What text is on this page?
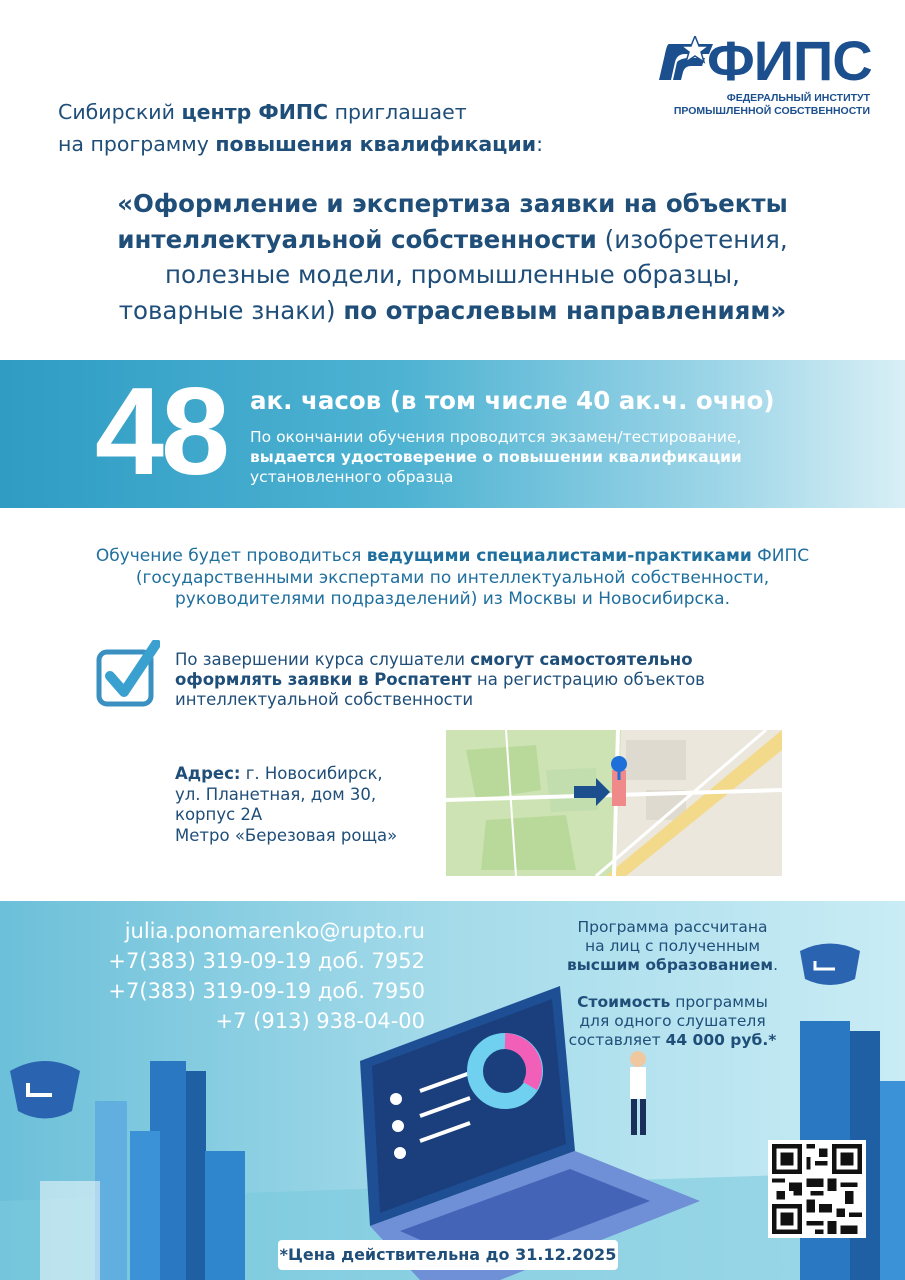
ФИПС
ФЕДЕРАЛЬНЫЙ ИНСТИТУТ
ПРОМЫШЛЕННОЙ СОБСТВЕННОСТИ
Сибирский центр ФИПС приглашает
на программу повышения квалификации:
«Оформление и экспертиза заявки на объекты
интеллектуальной собственности (изобретения,
полезные модели, промышленные образцы,
товарные знаки) по отраслевым направлениям»
48 ак. часов (в том числе 40 ак.ч. очно)
По окончании обучения проводится экзамен/тестирование,
выдается удостоверение о повышении квалификации
установленного образца
Обучение будет проводиться ведущими специалистами-практиками ФИПС
(государственными экспертами по интеллектуальной собственности,
руководителями подразделений) из Москвы и Новосибирска.
По завершении курса слушатели смогут самостоятельно
оформлять заявки в Роспатент на регистрацию объектов
интеллектуальной собственности
Адрес: г. Новосибирск,
ул. Планетная, дом 30,
корпус 2А
Метро «Березовая роща»
julia.ponomarenko@rupto.ru
+7(383) 319-09-19 доб. 7952
+7(383) 319-09-19 доб. 7950
+7 (913) 938-04-00
Программа рассчитана
на лиц с полученным
высшим образованием.
Стоимость программы
для одного слушателя
составляет 44 000 руб.*
*Цена действительна до 31.12.2025
